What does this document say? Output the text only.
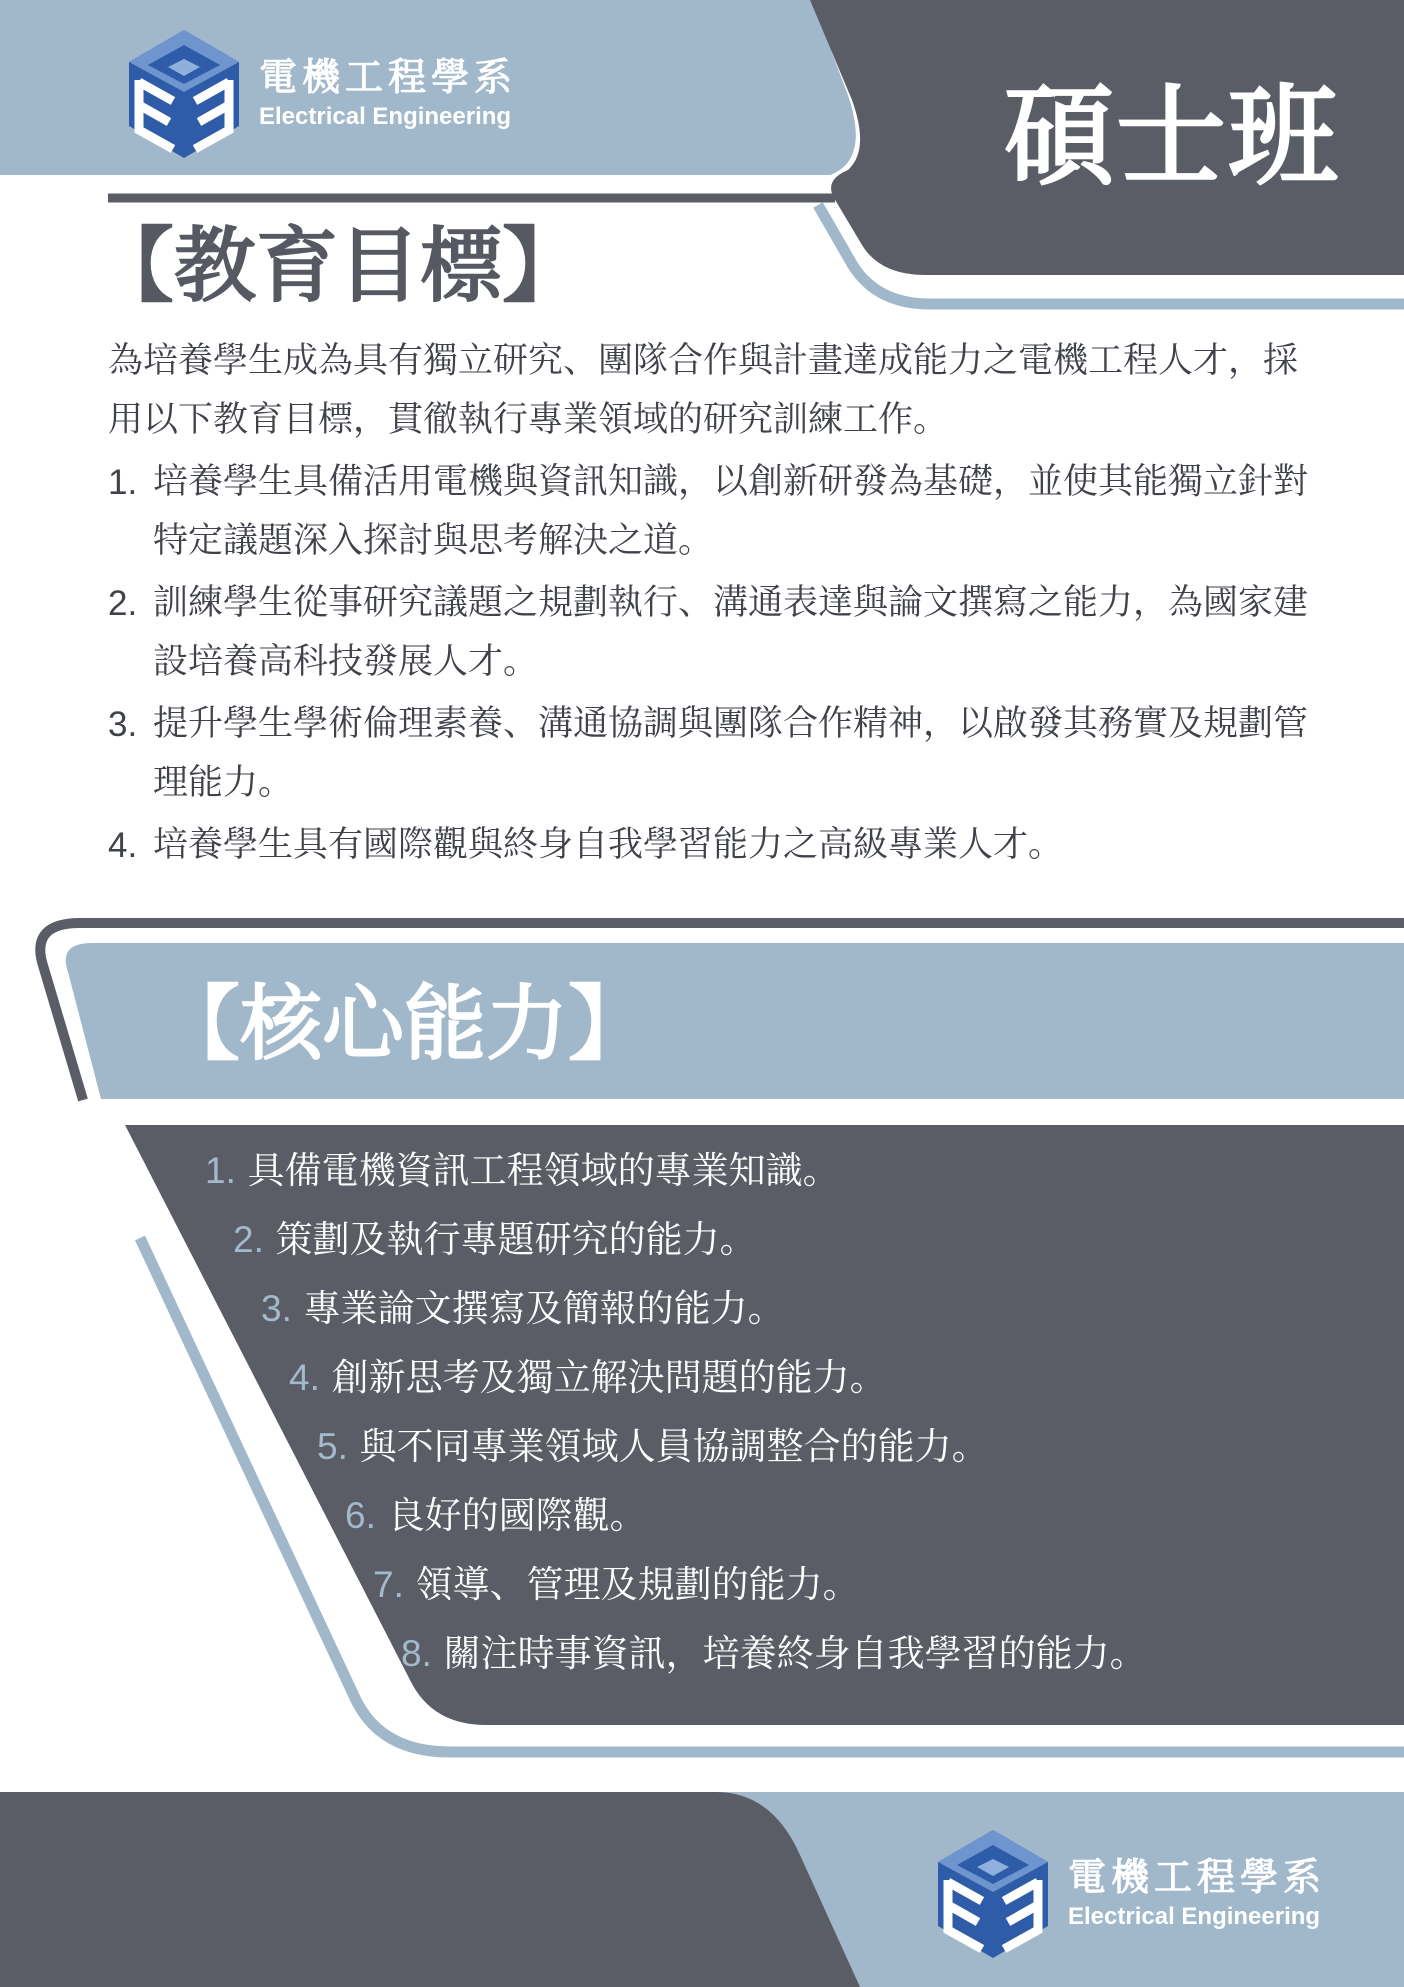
電機工程學系
Electrical Engineering	碩士班
【教育目標】

為培養學生成為具有獨立研究、團隊合作與計畫達成能力之電機工程人才，採用以下教育目標，貫徹執行專業領域的研究訓練工作。

1. 培養學生具備活用電機與資訊知識，以創新研發為基礎，並使其能獨立針對特定議題深入探討與思考解決之道。
2. 訓練學生從事研究議題之規劃執行、溝通表達與論文撰寫之能力，為國家建設培養高科技發展人才。
3. 提升學生學術倫理素養、溝通協調與團隊合作精神，以啟發其務實及規劃管理能力。
4. 培養學生具有國際觀與終身自我學習能力之高級專業人才。
【核心能力】
1. 具備電機資訊工程領域的專業知識。
2. 策劃及執行專題研究的能力。
3. 專業論文撰寫及簡報的能力。
4. 創新思考及獨立解決問題的能力。
5. 與不同專業領域人員協調整合的能力。
6. 良好的國際觀。
7. 領導、管理及規劃的能力。
8. 關注時事資訊，培養終身自我學習的能力。
電機工程學系
Electrical Engineering
